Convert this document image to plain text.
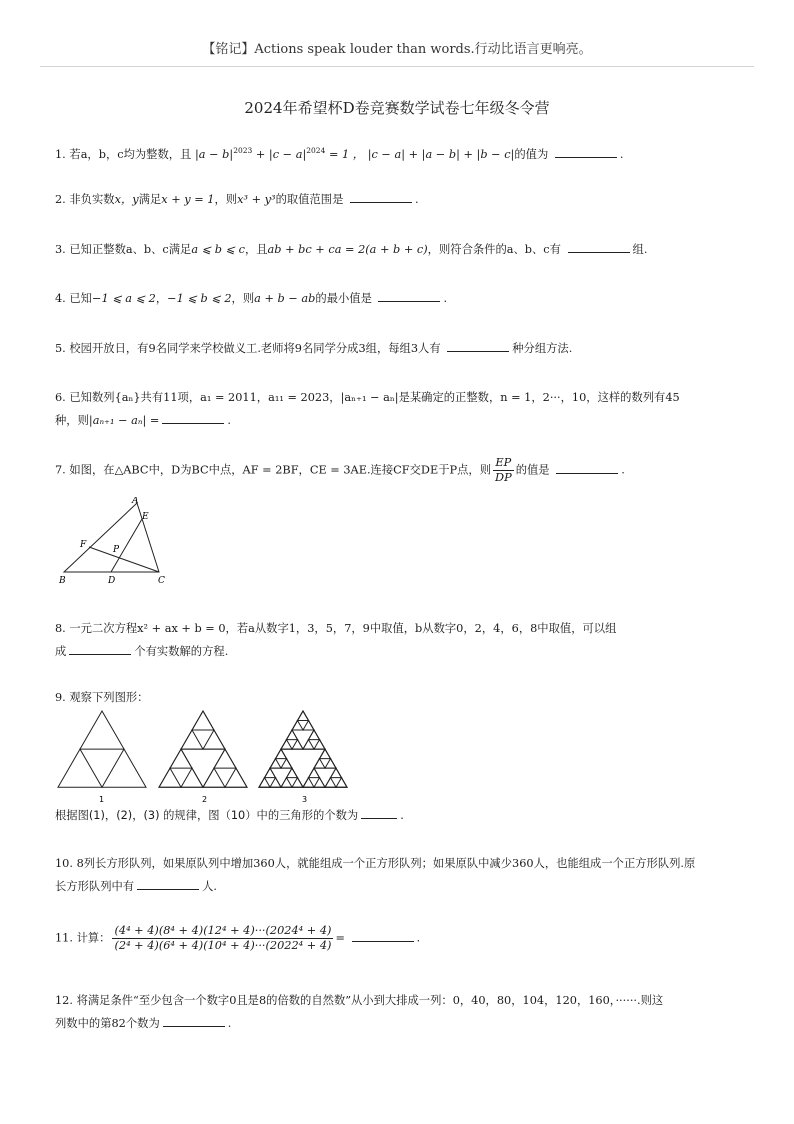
【铭记】Actions speak louder than words.行动比语言更响亮。
2024年希望杯D卷竞赛数学试卷七年级冬令营
1. 若a，b，c均为整数，且 $|a - b|^{2023} + |c - a|^{2024} = 1$ ， |c − a| + |a − b| + |b − c|的值为	.
2. 非负实数x，y满足x + y = 1，则x³ + y³的取值范围是	.
3. 已知正整数a、b、c满足a ⩽ b ⩽ c，且ab + bc + ca = 2(a + b + c)，则符合条件的a、b、c有	组.
4. 已知−1 ⩽ a ⩽ 2，−1 ⩽ b ⩽ 2，则a + b − ab的最小值是	.
5. 校园开放日，有9名同学来学校做义工.老师将9名同学分成3组，每组3人有	种分组方法.
6. 已知数列{aₙ}共有11项，a₁ = 2011，a₁₁ = 2023，|aₙ₊₁ − aₙ|是某确定的正整数，n = 1，2···，10，这样的数列有45
种，则|aₙ₊₁ − aₙ| =	.
7. 如图，在△ABC中，D为BC中点，AF = 2BF，CE = 3AE.连接CF交DE于P点，则 $\frac{EP}{DP}$ 的值是	.
A
E
F	P
B	D	C
8. 一元二次方程x² + ax + b = 0，若a从数字1，3，5，7，9中取值，b从数字0，2，4，6，8中取值，可以组
成	个有实数解的方程.
9. 观察下列图形：
1	2	3
根据图(1)，(2)，(3) 的规律，图（10）中的三角形的个数为	.
10. 8列长方形队列，如果原队列中增加360人，就能组成一个正方形队列；如果原队中减少360人，也能组成一个正方形队列.原
长方形队列中有	人.
11. 计算： $\frac{\text{(4⁴ + 4)(8⁴ + 4)(12⁴ + 4)···(2024⁴ + 4)}}{\text{(2⁴ + 4)(6⁴ + 4)(10⁴ + 4)···(2022⁴ + 4)}}$ =	.
12. 将满足条件“至少包含一个数字0且是8的倍数的自然数”从小到大排成一列：0，40，80，104，120，160，······.则这
列数中的第82个数为	.
